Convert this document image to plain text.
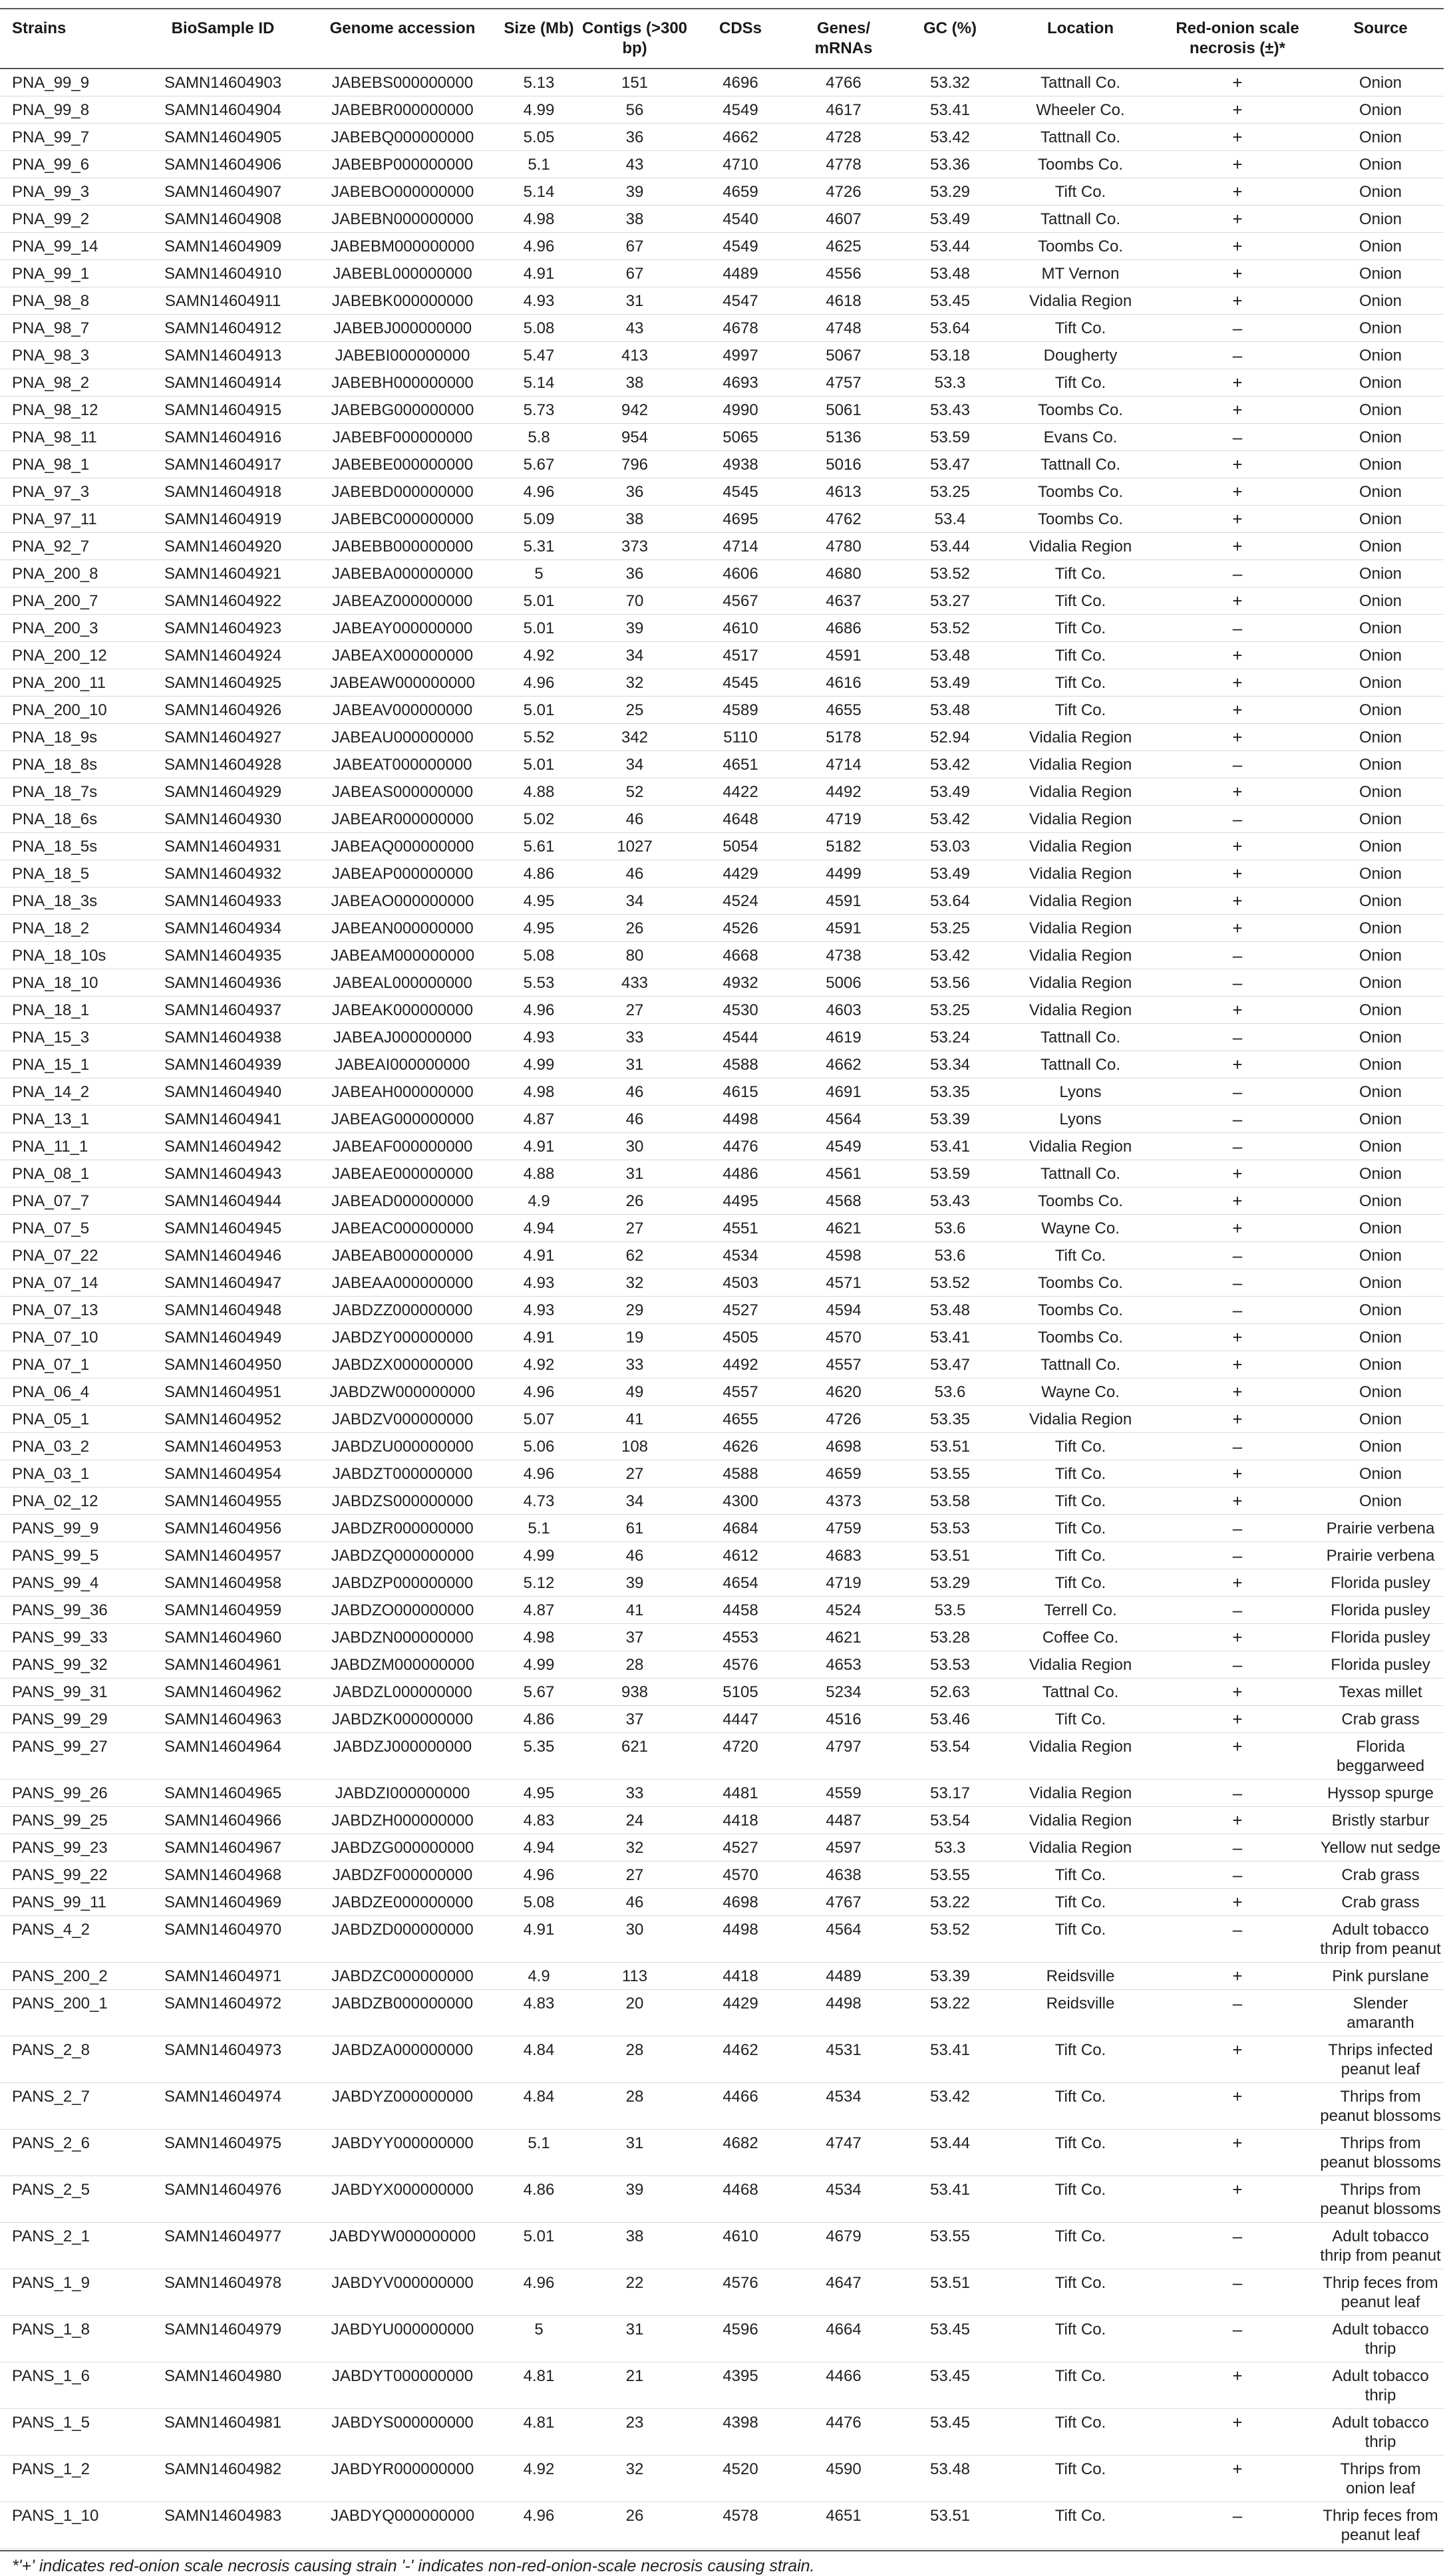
Strains	BioSample ID	Genome accession	Size (Mb)	Contigs (>300 bp)	CDSs	Genes/ mRNAs	GC (%)	Location	Red-onion scale necrosis (±)*	Source
PNA_99_9	SAMN14604903	JABEBS000000000	5.13	151	4696	4766	53.32	Tattnall Co.	+	Onion
PNA_99_8	SAMN14604904	JABEBR000000000	4.99	56	4549	4617	53.41	Wheeler Co.	+	Onion
PNA_99_7	SAMN14604905	JABEBQ000000000	5.05	36	4662	4728	53.42	Tattnall Co.	+	Onion
PNA_99_6	SAMN14604906	JABEBP000000000	5.1	43	4710	4778	53.36	Toombs Co.	+	Onion
PNA_99_3	SAMN14604907	JABEBO000000000	5.14	39	4659	4726	53.29	Tift Co.	+	Onion
PNA_99_2	SAMN14604908	JABEBN000000000	4.98	38	4540	4607	53.49	Tattnall Co.	+	Onion
PNA_99_14	SAMN14604909	JABEBM000000000	4.96	67	4549	4625	53.44	Toombs Co.	+	Onion
PNA_99_1	SAMN14604910	JABEBL000000000	4.91	67	4489	4556	53.48	MT Vernon	+	Onion
PNA_98_8	SAMN14604911	JABEBK000000000	4.93	31	4547	4618	53.45	Vidalia Region	+	Onion
PNA_98_7	SAMN14604912	JABEBJ000000000	5.08	43	4678	4748	53.64	Tift Co.	–	Onion
PNA_98_3	SAMN14604913	JABEBI000000000	5.47	413	4997	5067	53.18	Dougherty	–	Onion
PNA_98_2	SAMN14604914	JABEBH000000000	5.14	38	4693	4757	53.3	Tift Co.	+	Onion
PNA_98_12	SAMN14604915	JABEBG000000000	5.73	942	4990	5061	53.43	Toombs Co.	+	Onion
PNA_98_11	SAMN14604916	JABEBF000000000	5.8	954	5065	5136	53.59	Evans Co.	–	Onion
PNA_98_1	SAMN14604917	JABEBE000000000	5.67	796	4938	5016	53.47	Tattnall Co.	+	Onion
PNA_97_3	SAMN14604918	JABEBD000000000	4.96	36	4545	4613	53.25	Toombs Co.	+	Onion
PNA_97_11	SAMN14604919	JABEBC000000000	5.09	38	4695	4762	53.4	Toombs Co.	+	Onion
PNA_92_7	SAMN14604920	JABEBB000000000	5.31	373	4714	4780	53.44	Vidalia Region	+	Onion
PNA_200_8	SAMN14604921	JABEBA000000000	5	36	4606	4680	53.52	Tift Co.	–	Onion
PNA_200_7	SAMN14604922	JABEAZ000000000	5.01	70	4567	4637	53.27	Tift Co.	+	Onion
PNA_200_3	SAMN14604923	JABEAY000000000	5.01	39	4610	4686	53.52	Tift Co.	–	Onion
PNA_200_12	SAMN14604924	JABEAX000000000	4.92	34	4517	4591	53.48	Tift Co.	+	Onion
PNA_200_11	SAMN14604925	JABEAW000000000	4.96	32	4545	4616	53.49	Tift Co.	+	Onion
PNA_200_10	SAMN14604926	JABEAV000000000	5.01	25	4589	4655	53.48	Tift Co.	+	Onion
PNA_18_9s	SAMN14604927	JABEAU000000000	5.52	342	5110	5178	52.94	Vidalia Region	+	Onion
PNA_18_8s	SAMN14604928	JABEAT000000000	5.01	34	4651	4714	53.42	Vidalia Region	–	Onion
PNA_18_7s	SAMN14604929	JABEAS000000000	4.88	52	4422	4492	53.49	Vidalia Region	+	Onion
PNA_18_6s	SAMN14604930	JABEAR000000000	5.02	46	4648	4719	53.42	Vidalia Region	–	Onion
PNA_18_5s	SAMN14604931	JABEAQ000000000	5.61	1027	5054	5182	53.03	Vidalia Region	+	Onion
PNA_18_5	SAMN14604932	JABEAP000000000	4.86	46	4429	4499	53.49	Vidalia Region	+	Onion
PNA_18_3s	SAMN14604933	JABEAO000000000	4.95	34	4524	4591	53.64	Vidalia Region	+	Onion
PNA_18_2	SAMN14604934	JABEAN000000000	4.95	26	4526	4591	53.25	Vidalia Region	+	Onion
PNA_18_10s	SAMN14604935	JABEAM000000000	5.08	80	4668	4738	53.42	Vidalia Region	–	Onion
PNA_18_10	SAMN14604936	JABEAL000000000	5.53	433	4932	5006	53.56	Vidalia Region	–	Onion
PNA_18_1	SAMN14604937	JABEAK000000000	4.96	27	4530	4603	53.25	Vidalia Region	+	Onion
PNA_15_3	SAMN14604938	JABEAJ000000000	4.93	33	4544	4619	53.24	Tattnall Co.	–	Onion
PNA_15_1	SAMN14604939	JABEAI000000000	4.99	31	4588	4662	53.34	Tattnall Co.	+	Onion
PNA_14_2	SAMN14604940	JABEAH000000000	4.98	46	4615	4691	53.35	Lyons	–	Onion
PNA_13_1	SAMN14604941	JABEAG000000000	4.87	46	4498	4564	53.39	Lyons	–	Onion
PNA_11_1	SAMN14604942	JABEAF000000000	4.91	30	4476	4549	53.41	Vidalia Region	–	Onion
PNA_08_1	SAMN14604943	JABEAE000000000	4.88	31	4486	4561	53.59	Tattnall Co.	+	Onion
PNA_07_7	SAMN14604944	JABEAD000000000	4.9	26	4495	4568	53.43	Toombs Co.	+	Onion
PNA_07_5	SAMN14604945	JABEAC000000000	4.94	27	4551	4621	53.6	Wayne Co.	+	Onion
PNA_07_22	SAMN14604946	JABEAB000000000	4.91	62	4534	4598	53.6	Tift Co.	–	Onion
PNA_07_14	SAMN14604947	JABEAA000000000	4.93	32	4503	4571	53.52	Toombs Co.	–	Onion
PNA_07_13	SAMN14604948	JABDZZ000000000	4.93	29	4527	4594	53.48	Toombs Co.	–	Onion
PNA_07_10	SAMN14604949	JABDZY000000000	4.91	19	4505	4570	53.41	Toombs Co.	+	Onion
PNA_07_1	SAMN14604950	JABDZX000000000	4.92	33	4492	4557	53.47	Tattnall Co.	+	Onion
PNA_06_4	SAMN14604951	JABDZW000000000	4.96	49	4557	4620	53.6	Wayne Co.	+	Onion
PNA_05_1	SAMN14604952	JABDZV000000000	5.07	41	4655	4726	53.35	Vidalia Region	+	Onion
PNA_03_2	SAMN14604953	JABDZU000000000	5.06	108	4626	4698	53.51	Tift Co.	–	Onion
PNA_03_1	SAMN14604954	JABDZT000000000	4.96	27	4588	4659	53.55	Tift Co.	+	Onion
PNA_02_12	SAMN14604955	JABDZS000000000	4.73	34	4300	4373	53.58	Tift Co.	+	Onion
PANS_99_9	SAMN14604956	JABDZR000000000	5.1	61	4684	4759	53.53	Tift Co.	–	Prairie verbena
PANS_99_5	SAMN14604957	JABDZQ000000000	4.99	46	4612	4683	53.51	Tift Co.	–	Prairie verbena
PANS_99_4	SAMN14604958	JABDZP000000000	5.12	39	4654	4719	53.29	Tift Co.	+	Florida pusley
PANS_99_36	SAMN14604959	JABDZO000000000	4.87	41	4458	4524	53.5	Terrell Co.	–	Florida pusley
PANS_99_33	SAMN14604960	JABDZN000000000	4.98	37	4553	4621	53.28	Coffee Co.	+	Florida pusley
PANS_99_32	SAMN14604961	JABDZM000000000	4.99	28	4576	4653	53.53	Vidalia Region	–	Florida pusley
PANS_99_31	SAMN14604962	JABDZL000000000	5.67	938	5105	5234	52.63	Tattnal Co.	+	Texas millet
PANS_99_29	SAMN14604963	JABDZK000000000	4.86	37	4447	4516	53.46	Tift Co.	+	Crab grass
PANS_99_27	SAMN14604964	JABDZJ000000000	5.35	621	4720	4797	53.54	Vidalia Region	+	Florida beggarweed
PANS_99_26	SAMN14604965	JABDZI000000000	4.95	33	4481	4559	53.17	Vidalia Region	–	Hyssop spurge
PANS_99_25	SAMN14604966	JABDZH000000000	4.83	24	4418	4487	53.54	Vidalia Region	+	Bristly starbur
PANS_99_23	SAMN14604967	JABDZG000000000	4.94	32	4527	4597	53.3	Vidalia Region	–	Yellow nut sedge
PANS_99_22	SAMN14604968	JABDZF000000000	4.96	27	4570	4638	53.55	Tift Co.	–	Crab grass
PANS_99_11	SAMN14604969	JABDZE000000000	5.08	46	4698	4767	53.22	Tift Co.	+	Crab grass
PANS_4_2	SAMN14604970	JABDZD000000000	4.91	30	4498	4564	53.52	Tift Co.	–	Adult tobacco thrip from peanut
PANS_200_2	SAMN14604971	JABDZC000000000	4.9	113	4418	4489	53.39	Reidsville	+	Pink purslane
PANS_200_1	SAMN14604972	JABDZB000000000	4.83	20	4429	4498	53.22	Reidsville	–	Slender amaranth
PANS_2_8	SAMN14604973	JABDZA000000000	4.84	28	4462	4531	53.41	Tift Co.	+	Thrips infected peanut leaf
PANS_2_7	SAMN14604974	JABDYZ000000000	4.84	28	4466	4534	53.42	Tift Co.	+	Thrips from peanut blossoms
PANS_2_6	SAMN14604975	JABDYY000000000	5.1	31	4682	4747	53.44	Tift Co.	+	Thrips from peanut blossoms
PANS_2_5	SAMN14604976	JABDYX000000000	4.86	39	4468	4534	53.41	Tift Co.	+	Thrips from peanut blossoms
PANS_2_1	SAMN14604977	JABDYW000000000	5.01	38	4610	4679	53.55	Tift Co.	–	Adult tobacco thrip from peanut
PANS_1_9	SAMN14604978	JABDYV000000000	4.96	22	4576	4647	53.51	Tift Co.	–	Thrip feces from peanut leaf
PANS_1_8	SAMN14604979	JABDYU000000000	5	31	4596	4664	53.45	Tift Co.	–	Adult tobacco thrip
PANS_1_6	SAMN14604980	JABDYT000000000	4.81	21	4395	4466	53.45	Tift Co.	+	Adult tobacco thrip
PANS_1_5	SAMN14604981	JABDYS000000000	4.81	23	4398	4476	53.45	Tift Co.	+	Adult tobacco thrip
PANS_1_2	SAMN14604982	JABDYR000000000	4.92	32	4520	4590	53.48	Tift Co.	+	Thrips from onion leaf
PANS_1_10	SAMN14604983	JABDYQ000000000	4.96	26	4578	4651	53.51	Tift Co.	–	Thrip feces from peanut leaf
*'+' indicates red-onion scale necrosis causing strain '-' indicates non-red-onion-scale necrosis causing strain.
